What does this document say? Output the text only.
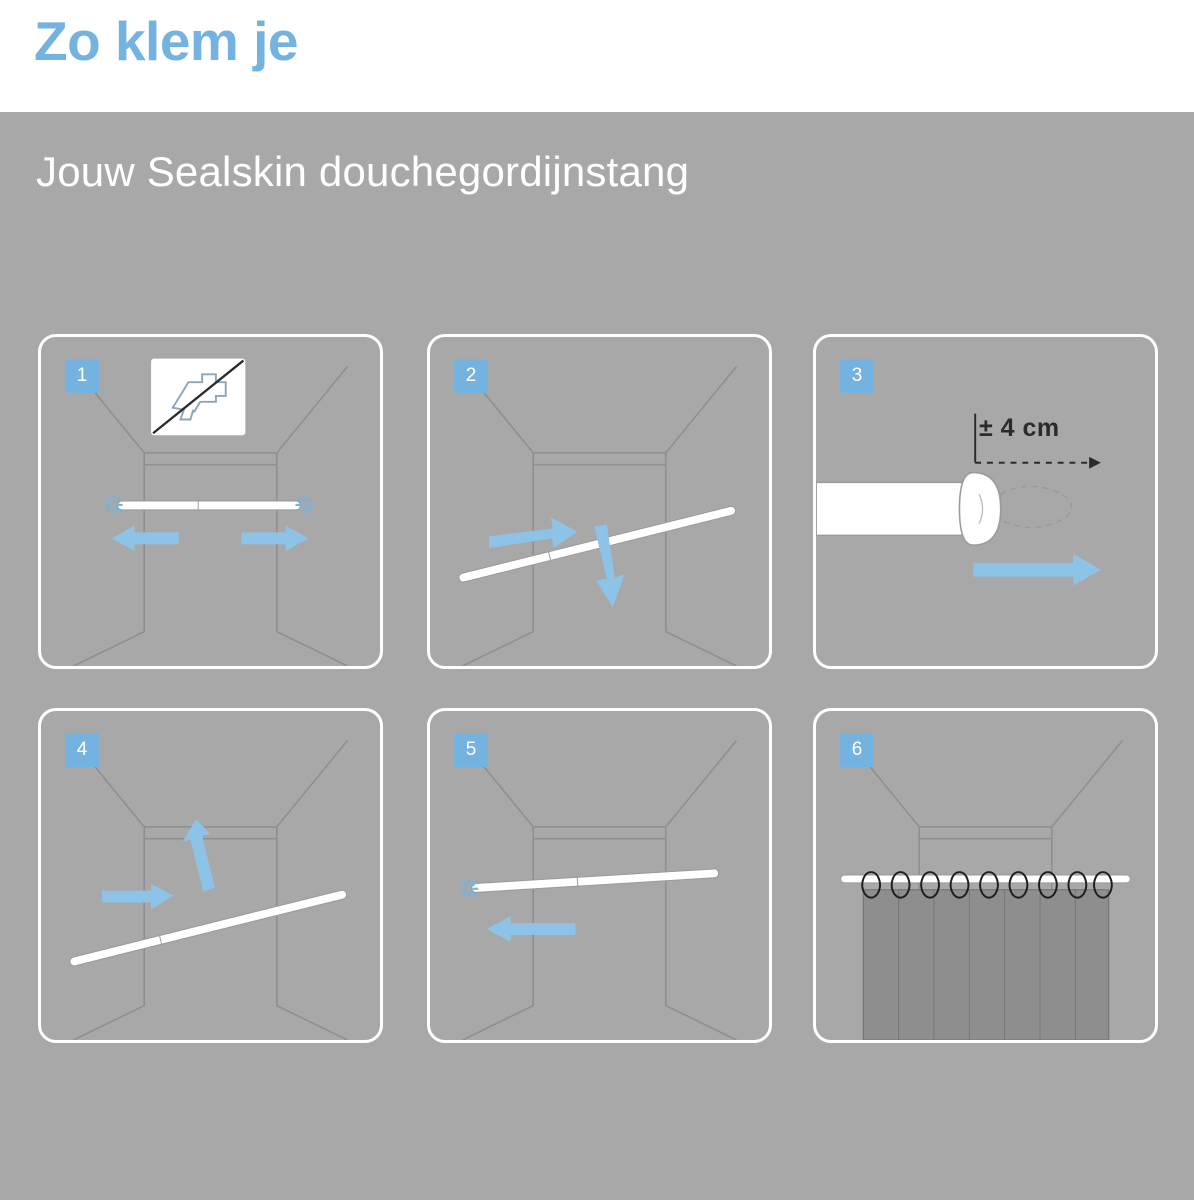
Zo klem je
Jouw Sealskin douchegordijnstang
1	2	3
± 4 cm
4	5	6
